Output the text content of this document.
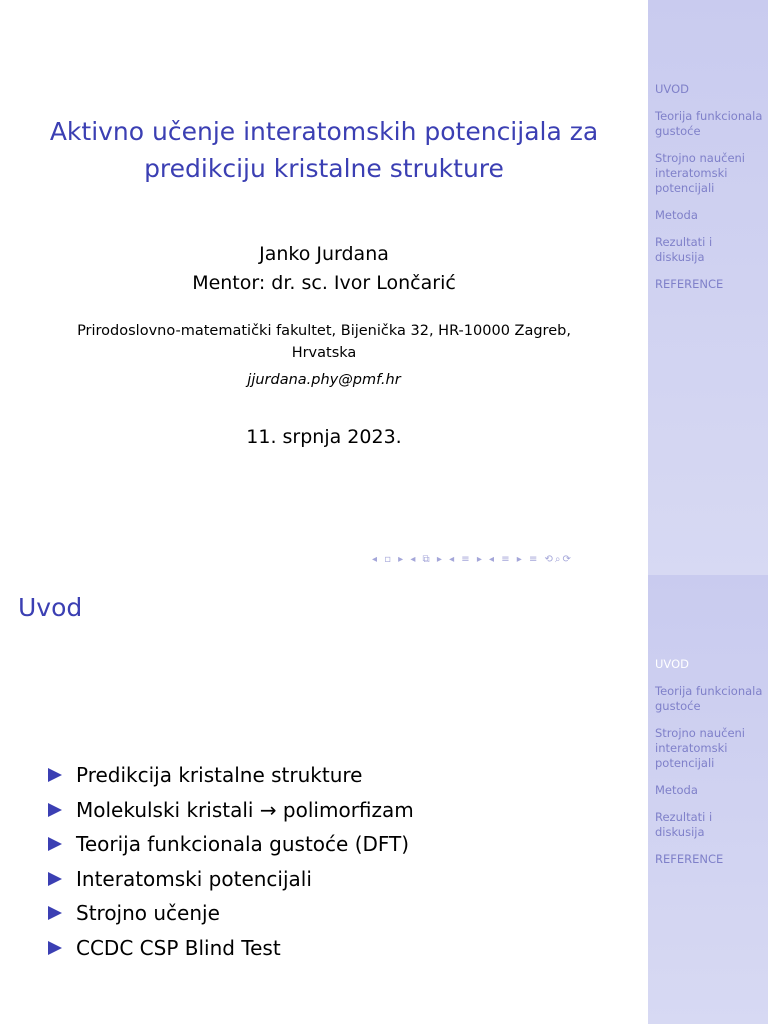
UVOD
Teorija funkcionala gustoće
Strojno naučeni interatomski potencijali
Metoda
Rezultati i diskusija
REFERENCE
Aktivno učenje interatomskih potencijala za
predikciju kristalne strukture
Janko Jurdana
Mentor: dr. sc. Ivor Lončarić
Prirodoslovno-matematički fakultet, Bijenička 32, HR-10000 Zagreb,
Hrvatska
jjurdana.phy@pmf.hr
11. srpnja 2023.
◂ ▫ ▸ ◂ ⧉ ▸ ◂ ≡ ▸ ◂ ≡ ▸ ≡ ⟲⌕⟳
UVOD
Teorija funkcionala gustoće
Strojno naučeni interatomski potencijali
Metoda
Rezultati i diskusija
REFERENCE
Uvod
Predikcija kristalne strukture
Molekulski kristali → polimorfizam
Teorija funkcionala gustoće (DFT)
Interatomski potencijali
Strojno učenje
CCDC CSP Blind Test
